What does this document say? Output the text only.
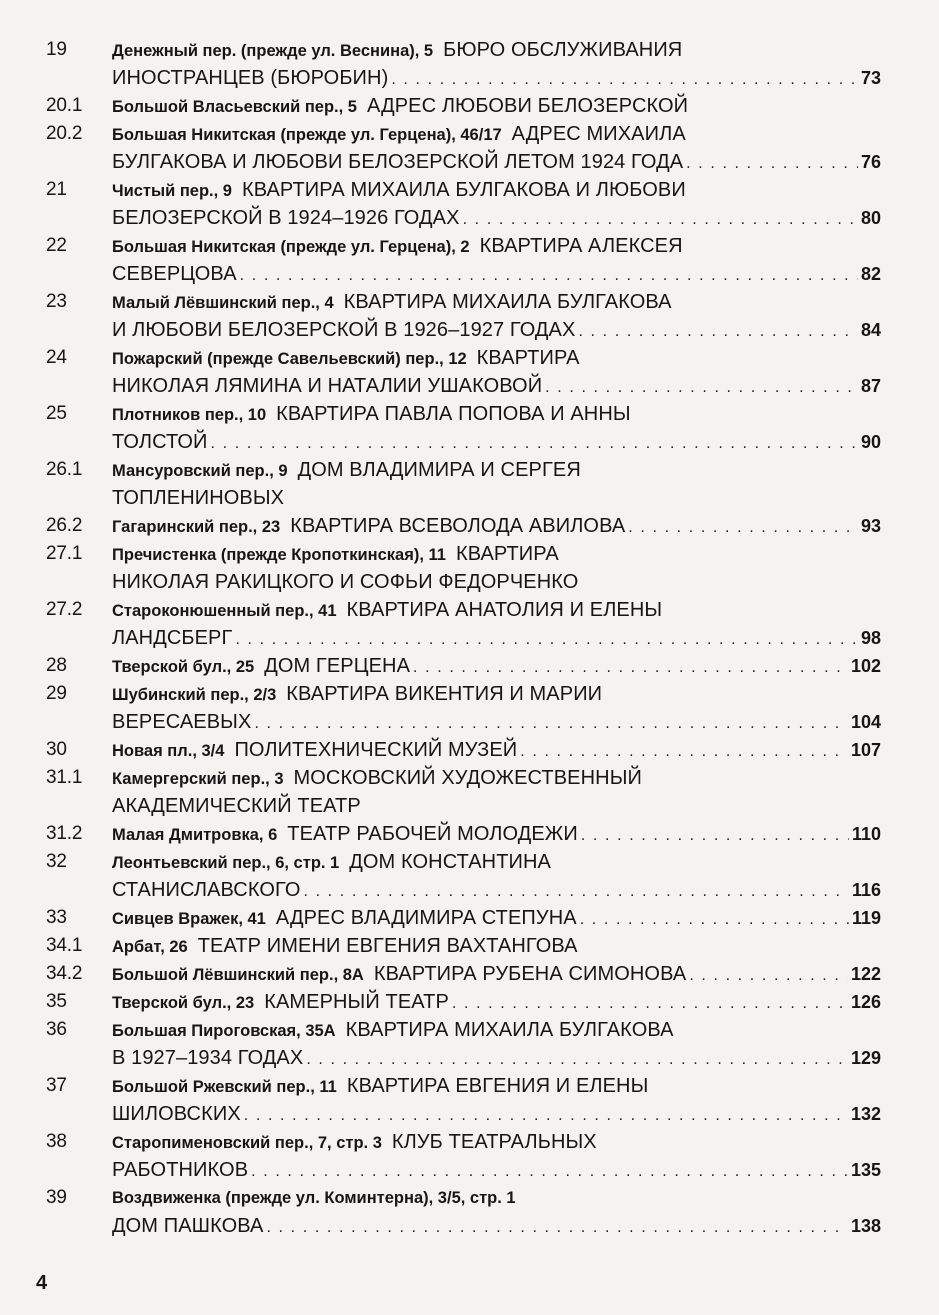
19	Денежный пер. (прежде ул. Веснина), 5 БЮРО ОБСЛУЖИВАНИЯ
ИНОСТРАНЦЕВ (БЮРОБИН) . . .	73
20.1 Большой Власьевский пер., 5 АДРЕС ЛЮБОВИ БЕЛОЗЕРСКОЙ
20.2 Большая Никитская (прежде ул. Герцена), 46/17 АДРЕС МИХАИЛА
БУЛГАКОВА И ЛЮБОВИ БЕЛОЗЕРСКОЙ ЛЕТОМ 1924 ГОДА . . .	76
21	Чистый пер., 9 КВАРТИРА МИХАИЛА БУЛГАКОВА И ЛЮБОВИ
БЕЛОЗЕРСКОЙ В 1924–1926 ГОДАХ . . .	80
22	Большая Никитская (прежде ул. Герцена), 2 КВАРТИРА АЛЕКСЕЯ
СЕВЕРЦОВА . . .	82
23	Малый Лёвшинский пер., 4 КВАРТИРА МИХАИЛА БУЛГАКОВА
И ЛЮБОВИ БЕЛОЗЕРСКОЙ В 1926–1927 ГОДАХ . . .	84
24	Пожарский (прежде Савельевский) пер., 12 КВАРТИРА
НИКОЛАЯ ЛЯМИНА И НАТАЛИИ УШАКОВОЙ . . .	87
25	Плотников пер., 10 КВАРТИРА ПАВЛА ПОПОВА И АННЫ
ТОЛСТОЙ . . .	90
26.1 Мансуровский пер., 9 ДОМ ВЛАДИМИРА И СЕРГЕЯ
ТОПЛЕНИНОВЫХ
26.2 Гагаринский пер., 23 КВАРТИРА ВСЕВОЛОДА АВИЛОВА . . .	93
27.1 Пречистенка (прежде Кропоткинская), 11 КВАРТИРА
НИКОЛАЯ РАКИЦКОГО И СОФЬИ ФЕДОРЧЕНКО
27.2 Староконюшенный пер., 41 КВАРТИРА АНАТОЛИЯ И ЕЛЕНЫ
ЛАНДСБЕРГ . . .	98
28	Тверской бул., 25 ДОМ ГЕРЦЕНА . . .	102
29	Шубинский пер., 2/3 КВАРТИРА ВИКЕНТИЯ И МАРИИ
ВЕРЕСАЕВЫХ . . .	104
30	Новая пл., 3/4 ПОЛИТЕХНИЧЕСКИЙ МУЗЕЙ . . .	107
31.1 Камергерский пер., 3 МОСКОВСКИЙ ХУДОЖЕСТВЕННЫЙ
АКАДЕМИЧЕСКИЙ ТЕАТР
31.2 Малая Дмитровка, 6 ТЕАТР РАБОЧЕЙ МОЛОДЕЖИ . . .	110
32	Леонтьевский пер., 6, стр. 1 ДОМ КОНСТАНТИНА
СТАНИСЛАВСКОГО . . .	116
33	Сивцев Вражек, 41 АДРЕС ВЛАДИМИРА СТЕПУНА . . .	119
34.1 Арбат, 26 ТЕАТР ИМЕНИ ЕВГЕНИЯ ВАХТАНГОВА
34.2 Большой Лёвшинский пер., 8А КВАРТИРА РУБЕНА СИМОНОВА . . .	122
35	Тверской бул., 23 КАМЕРНЫЙ ТЕАТР . . .	126
36	Большая Пироговская, 35А КВАРТИРА МИХАИЛА БУЛГАКОВА
В 1927–1934 ГОДАХ . . .	129
37	Большой Ржевский пер., 11 КВАРТИРА ЕВГЕНИЯ И ЕЛЕНЫ
ШИЛОВСКИХ . . .	132
38	Старопименовский пер., 7, стр. 3 КЛУБ ТЕАТРАЛЬНЫХ
РАБОТНИКОВ . . .	135
39	Воздвиженка (прежде ул. Коминтерна), 3/5, стр. 1
ДОМ ПАШКОВА . . .	138
4
